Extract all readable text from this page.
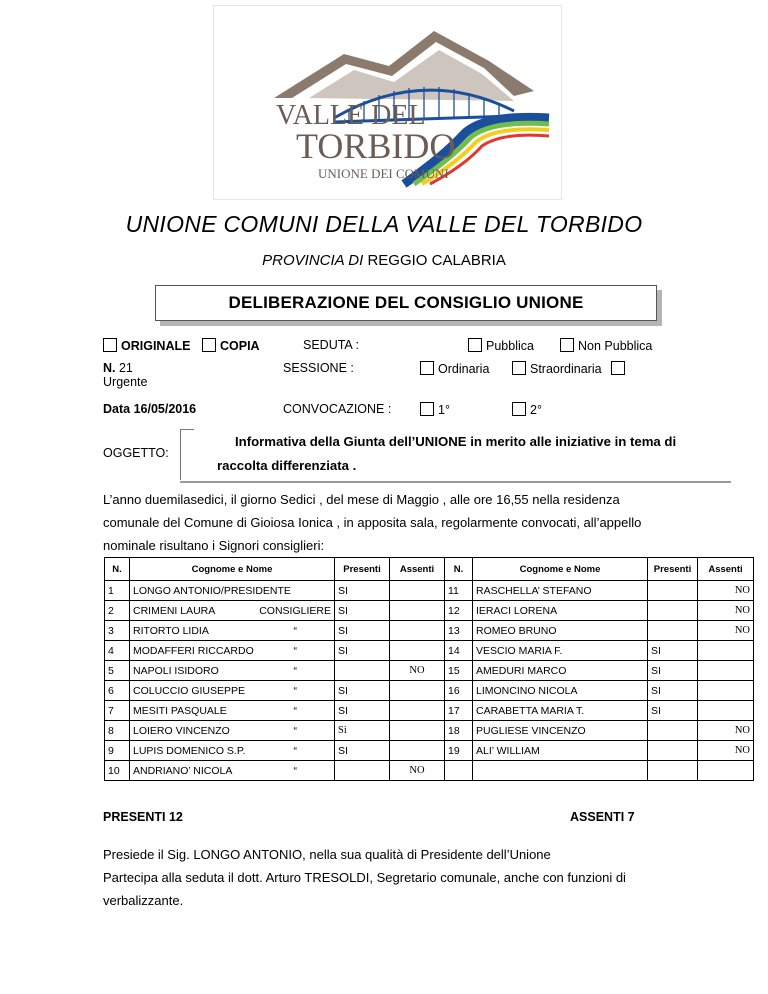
VALLE DEL
TORBIDO
UNIONE DEI COMUNI
UNIONE COMUNI DELLA VALLE DEL TORBIDO
PROVINCIA DI REGGIO CALABRIA
DELIBERAZIONE DEL CONSIGLIO UNIONE
ORIGINALE	COPIA	SEDUTA :	Pubblica	Non Pubblica
N. 21
Urgente
SESSIONE :	Ordinaria	Straordinaria
Data 16/05/2016	CONVOCAZIONE :	1°	2°
OGGETTO:
Informativa della Giunta dell’UNIONE in merito alle iniziative in tema di
raccolta differenziata .
L’anno duemilasedici, il giorno Sedici , del mese di Maggio , alle ore 16,55 nella residenza
comunale del Comune di Gioiosa Ionica , in apposita sala, regolarmente convocati, all’appello
nominale risultano i Signori consiglieri:
N.	Cognome e Nome	Presenti	Assenti	N.	Cognome e Nome	Presenti	Assenti
1	LONGO ANTONIO/PRESIDENTE	SI		11	RASCHELLA’ STEFANO		NO
2	CRIMENI LAURA CONSIGLIERE	SI		12	IERACI LORENA		NO
3	RITORTO LIDIA “	SI		13	ROMEO BRUNO		NO
4	MODAFFERI RICCARDO “	SI		14	VESCIO MARIA F.	SI	
5	NAPOLI ISIDORO “		NO	15	AMEDURI MARCO	SI	
6	COLUCCIO GIUSEPPE “	SI		16	LIMONCINO NICOLA	SI	
7	MESITI PASQUALE “	SI		17	CARABETTA MARIA T.	SI	
8	LOIERO VINCENZO “	Si		18	PUGLIESE VINCENZO		NO
9	LUPIS DOMENICO S.P. “	SI		19	ALI’ WILLIAM		NO
10	ANDRIANO’ NICOLA “		NO				
PRESENTI 12	ASSENTI 7
Presiede il Sig. LONGO ANTONIO, nella sua qualità di Presidente dell’Unione
Partecipa alla seduta il dott. Arturo TRESOLDI, Segretario comunale, anche con funzioni di
verbalizzante.
